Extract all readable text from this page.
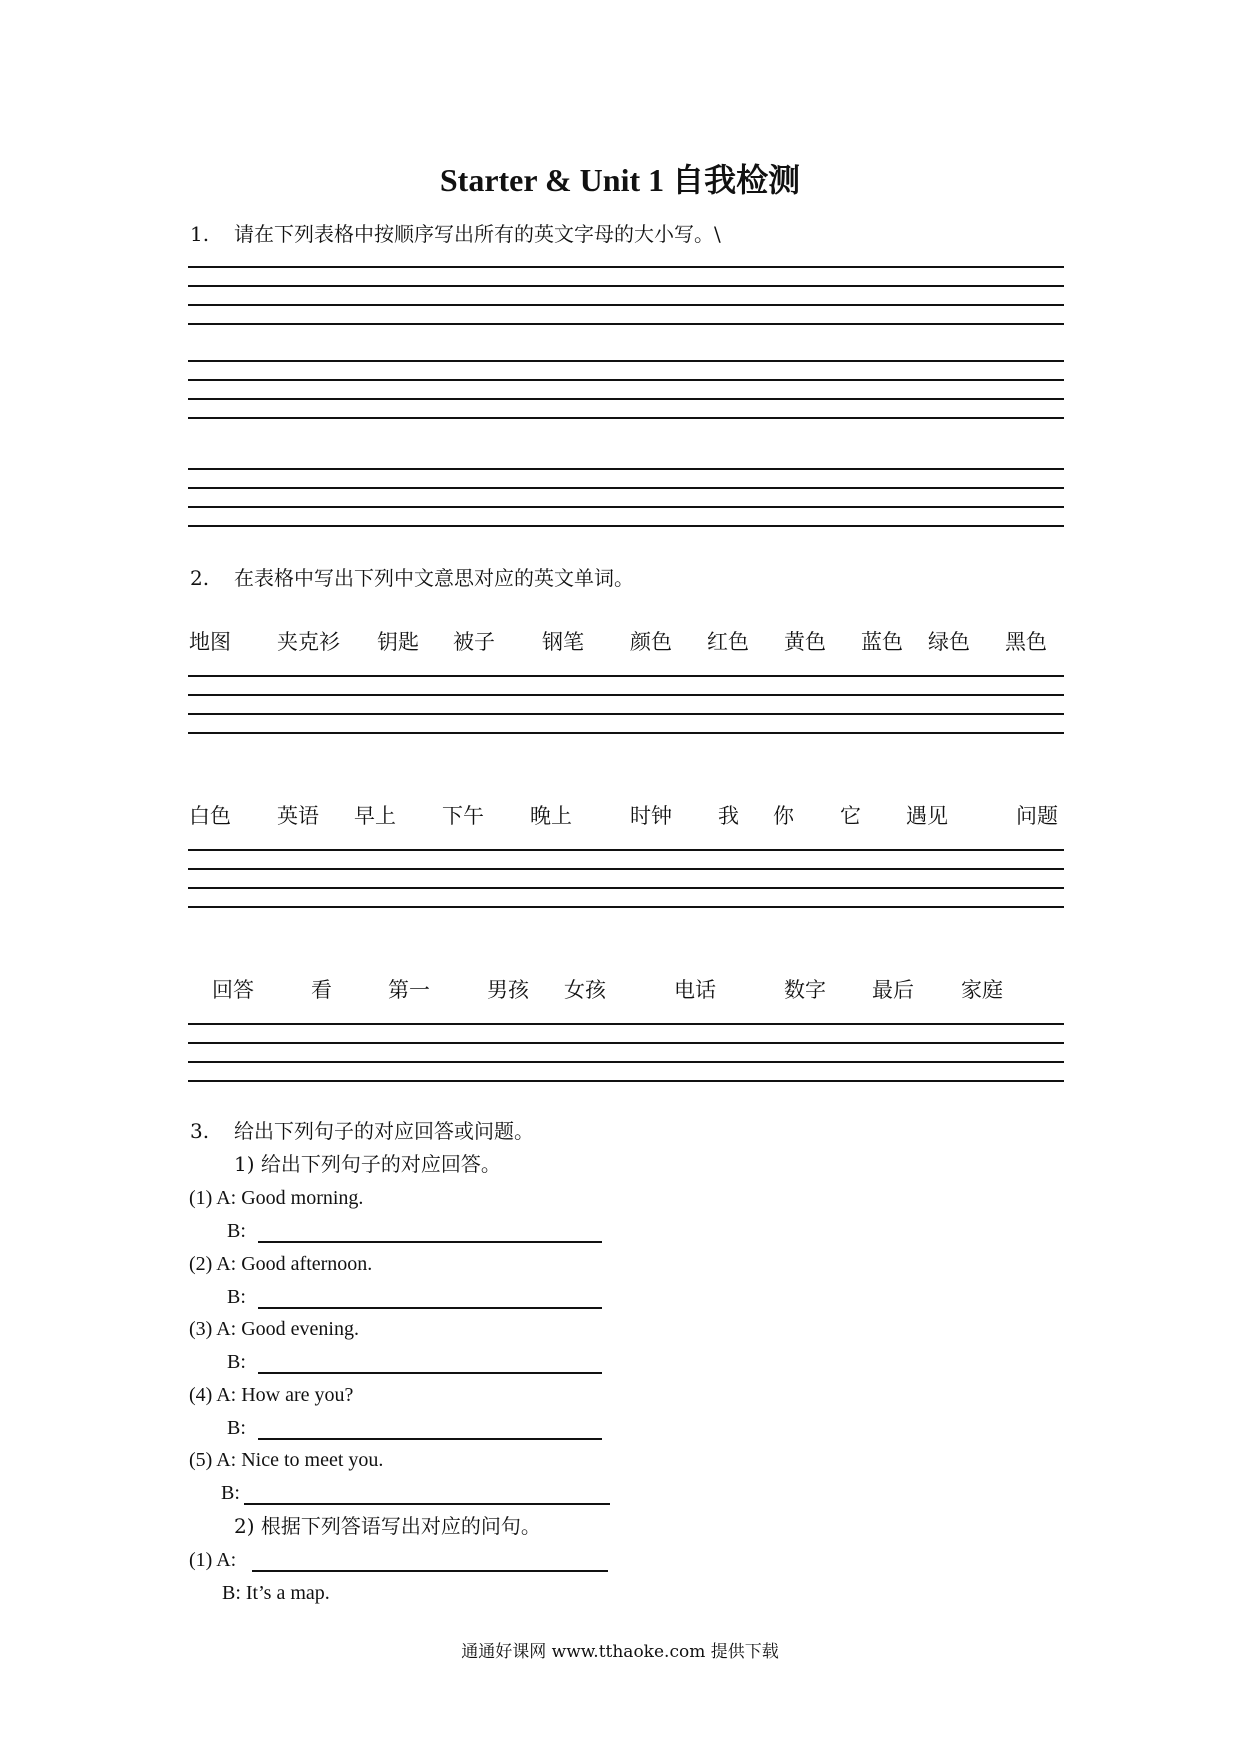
Starter & Unit 1 自我检测
1. 请在下列表格中按顺序写出所有的英文字母的大小写。\
2. 在表格中写出下列中文意思对应的英文单词。
地图 夹克衫 钥匙 被子 钢笔 颜色 红色 黄色 蓝色 绿色 黑色
白色 英语 早上 下午 晚上	时钟 我 你 它 遇见	问题
回答	看	第一	男孩 女孩	电话	数字 最后 家庭
3. 给出下列句子的对应回答或问题。
1) 给出下列句子的对应回答。
(1) A: Good morning.
B:
(2) A: Good afternoon.
B:
(3) A: Good evening.
B:
(4) A: How are you?
B:
(5) A: Nice to meet you.
B:
2) 根据下列答语写出对应的问句。
(1) A:
B: It’s a map.
通通好课网 www.tthaoke.com 提供下载
